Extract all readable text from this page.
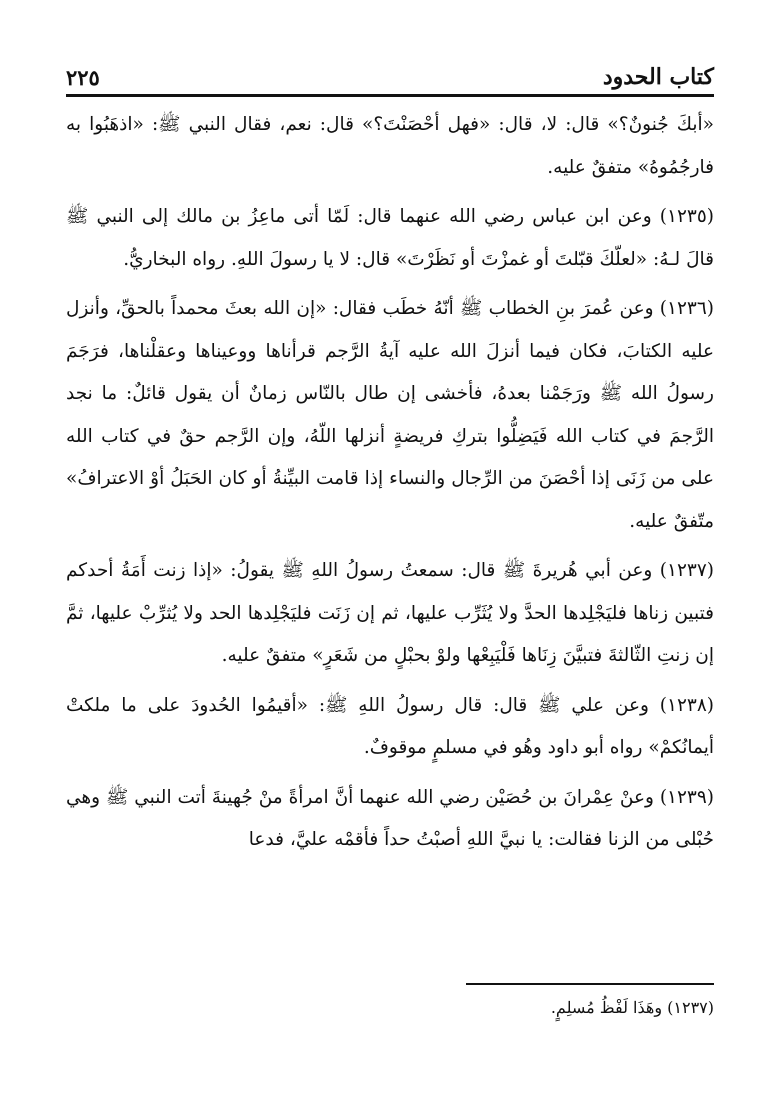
٢٢٥	كتاب الحدود

«أبكَ جُنونٌ؟» قال: لا، قال: «فهل أحْصَنْتَ؟» قال: نعم، فقال النبي ﷺ: «اذهَبُوا به فارجُمُوهُ» متفقٌ عليه.

(١٢٣٥) وعن ابن عباس رضي الله عنهما قال: لَمّا أتى ماعِزُ بن مالك إلى النبي ﷺ قالَ لـهُ: «لعلّكَ قبّلتَ أو غمزْتَ أو نَظَرْتَ» قال: لا يا رسولَ اللهِ. رواه البخاريُّ.

(١٢٣٦) وعن عُمرَ بنِ الخطاب ﷺ أنّهُ خطَب فقال: «إن الله بعثَ محمداً بالحقِّ، وأنزل عليه الكتابَ، فكان فيما أنزلَ الله عليه آيةُ الرَّجم قرأناها ووعيناها وعقلْناها، فرَجَمَ رسولُ الله ﷺ ورَجَمْنا بعدهُ، فأخشى إن طال بالنّاس زمانٌ أن يقول قائلٌ: ما نجد الرَّجمَ في كتاب الله فَيَضِلُّوا بتركِ فريضةٍ أنزلها اللّهُ، وإن الرَّجم حقٌ في كتاب الله على من زَنَى إذا أحْصَنَ من الرِّجال والنساء إذا قامت البيِّنةُ أو كان الحَبَلُ أوْ الاعترافُ» متّفقٌ عليه.

(١٢٣٧) وعن أبي هُريرةَ ﷺ قال: سمعتُ رسولُ اللهِ ﷺ يقولُ: «إذا زنت أَمَةُ أحدكم فتبين زناها فليَجْلِدها الحدَّ ولا يُثَرِّب عليها، ثم إن زَنَت فليَجْلِدها الحد ولا يُثرِّبْ عليها، ثمَّ إن زنتِ الثّالثةَ فتبيَّنَ زِنَاها فَلْيَبِعْها ولوْ بحبْلٍ من شَعَرٍ» متفقٌ عليه.

(١٢٣٨) وعن علي ﷺ قال: قال رسولُ اللهِ ﷺ: «أقيمُوا الحُدودَ على ما ملكتْ أيمانُكمْ» رواه أبو داود وهُو في مسلمٍ موقوفٌ.

(١٢٣٩) وعنْ عِمْرانَ بن حُصَيْن رضي الله عنهما أنَّ امرأةً منْ جُهينةَ أتت النبي ﷺ وهي حُبْلى من الزنا فقالت: يا نبيَّ اللهِ أصبْتُ حداً فأقمْه عليَّ، فدعا

(١٢٣٧) وهَذَا لَفْظُ مُسلِمٍ.
